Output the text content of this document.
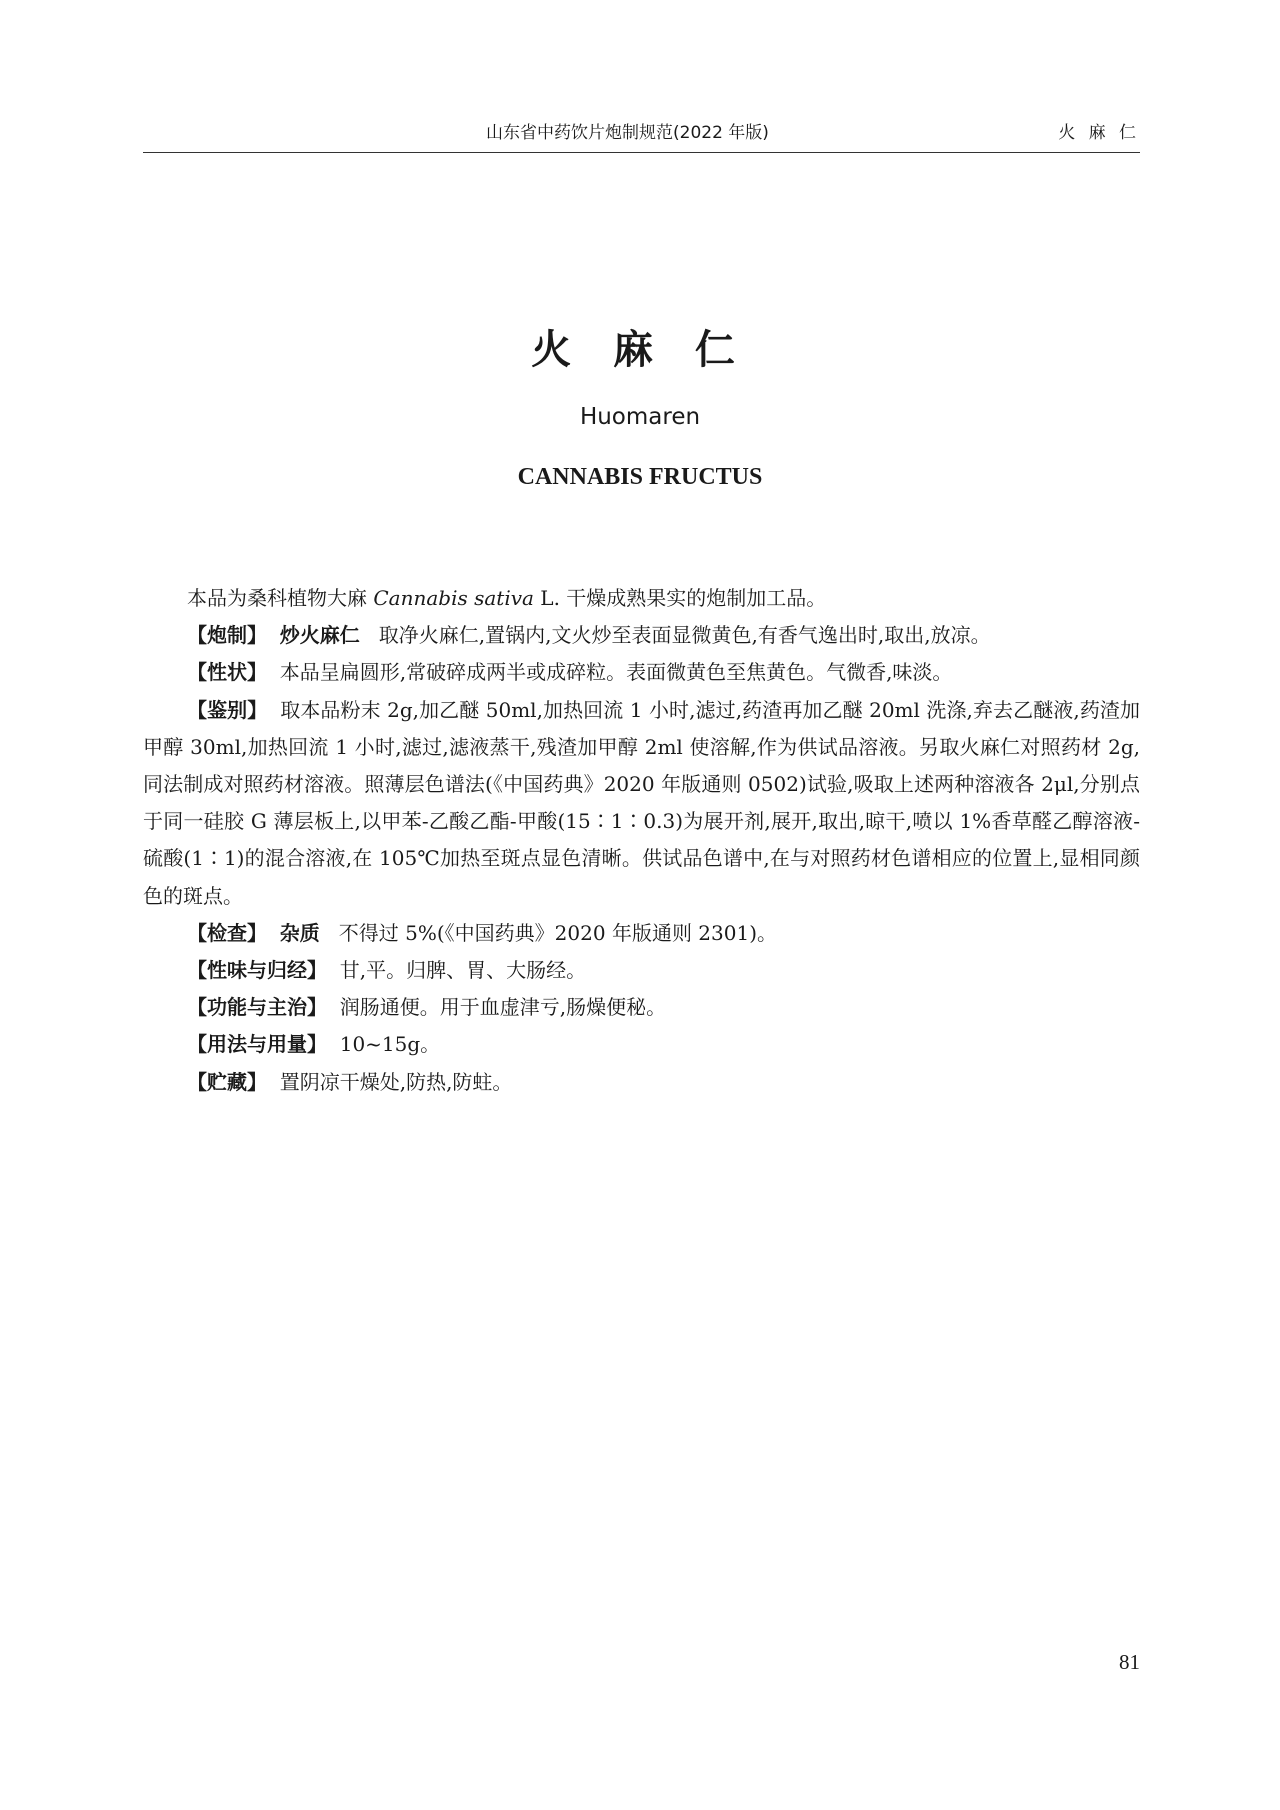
山东省中药饮片炮制规范(2022 年版)	火 麻 仁
火 麻 仁
Huomaren
CANNABIS FRUCTUS

本品为桑科植物大麻 Cannabis sativa L. 干燥成熟果实的炮制加工品。

【炮制】 炒火麻仁 取净火麻仁,置锅内,文火炒至表面显微黄色,有香气逸出时,取出,放凉。

【性状】 本品呈扁圆形,常破碎成两半或成碎粒。表面微黄色至焦黄色。气微香,味淡。

【鉴别】 取本品粉末 2g,加乙醚 50ml,加热回流 1 小时,滤过,药渣再加乙醚 20ml 洗涤,弃去乙醚液,药渣加甲醇 30ml,加热回流 1 小时,滤过,滤液蒸干,残渣加甲醇 2ml 使溶解,作为供试品溶液。另取火麻仁对照药材 2g,同法制成对照药材溶液。照薄层色谱法(《中国药典》2020 年版通则 0502)试验,吸取上述两种溶液各 2μl,分别点于同一硅胶 G 薄层板上,以甲苯-乙酸乙酯-甲酸(15∶1∶0.3)为展开剂,展开,取出,晾干,喷以 1%香草醛乙醇溶液-硫酸(1∶1)的混合溶液,在 105℃加热至斑点显色清晰。供试品色谱中,在与对照药材色谱相应的位置上,显相同颜色的斑点。

【检查】 杂质 不得过 5%(《中国药典》2020 年版通则 2301)。

【性味与归经】 甘,平。归脾、胃、大肠经。

【功能与主治】 润肠通便。用于血虚津亏,肠燥便秘。

【用法与用量】 10~15g。

【贮藏】 置阴凉干燥处,防热,防蛀。

81
